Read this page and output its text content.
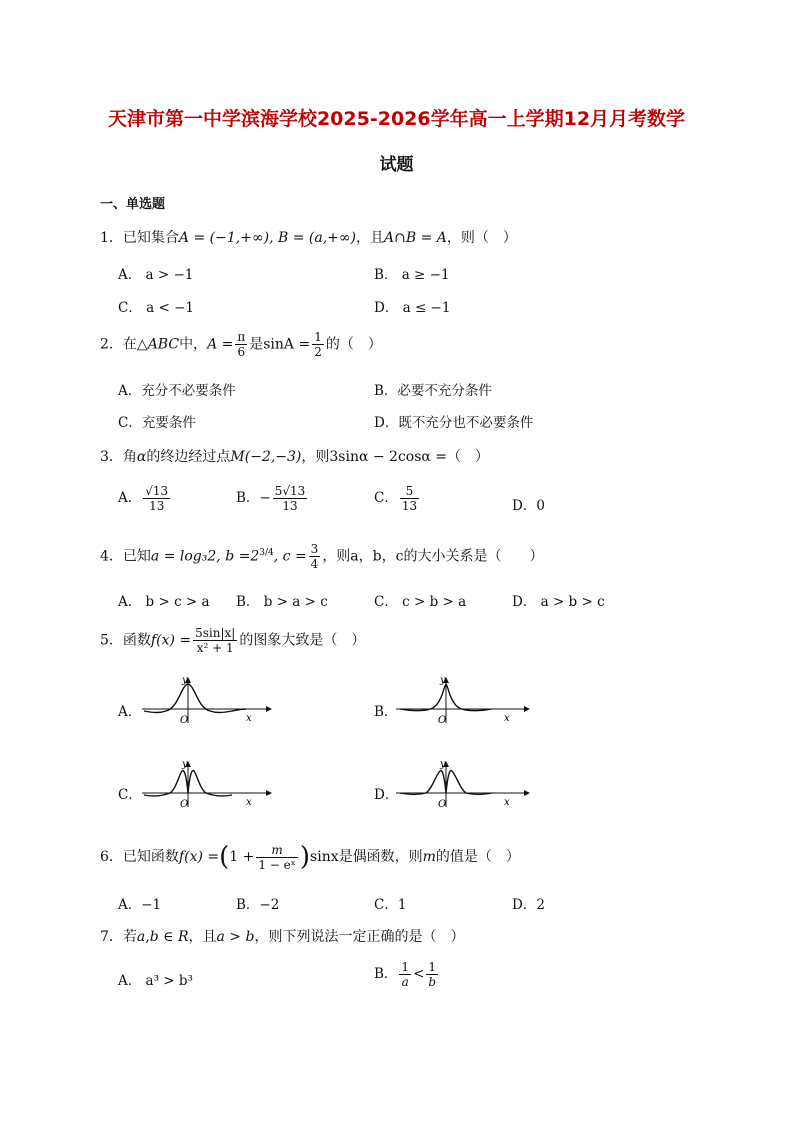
天津市第一中学滨海学校2025-2026学年高一上学期12月月考数学
试题
一、单选题
1．已知集合A = (−1,+∞), B = (a,+∞)，且A∩B = A，则（　）
A． a > −1	B． a ≥ −1
C． a < −1	D． a ≤ −1
2．在△ABC中，$A = \frac{\pi}{6}$ 是$\sin A = \frac{1}{2}$ 的（　）
A．充分不必要条件	B．必要不充分条件
C．充要条件	D．既不充分也不必要条件
3．角α的终边经过点M(−2,−3)，则3sinα − 2cosα =（　）
A． $\frac{√13}{13}$	B．− $\frac{5√13}{13}$	C． $\frac{5}{13}$	D．0
4．已知a = log₃2, $b =2^{3/4}$, $c = \frac{3}{4}$ ，则a，b，c的大小关系是（　　）
A． b > c > a B． b > a > c	C． c > b > a	D． a > b > c
5．函数$f(x) = \frac{5\sin|x|}{\text{x² + 1}}$ 的图象大致是（　）
A．
y
x
O
B．
y
x
O
C．
y
x
O
D．
y
x
O
6．已知函数$f(x) =(1 + \frac{m}{\text{1 − eˣ}} )\sin x$是偶函数，则m的值是（　）
A．−1	B．−2	C．1	D．2
7．若a,b ∈ R，且a > b，则下列说法一定正确的是（　）
A． a³ > b³	B． $\frac{1}{a} < \frac{1}{b}$
